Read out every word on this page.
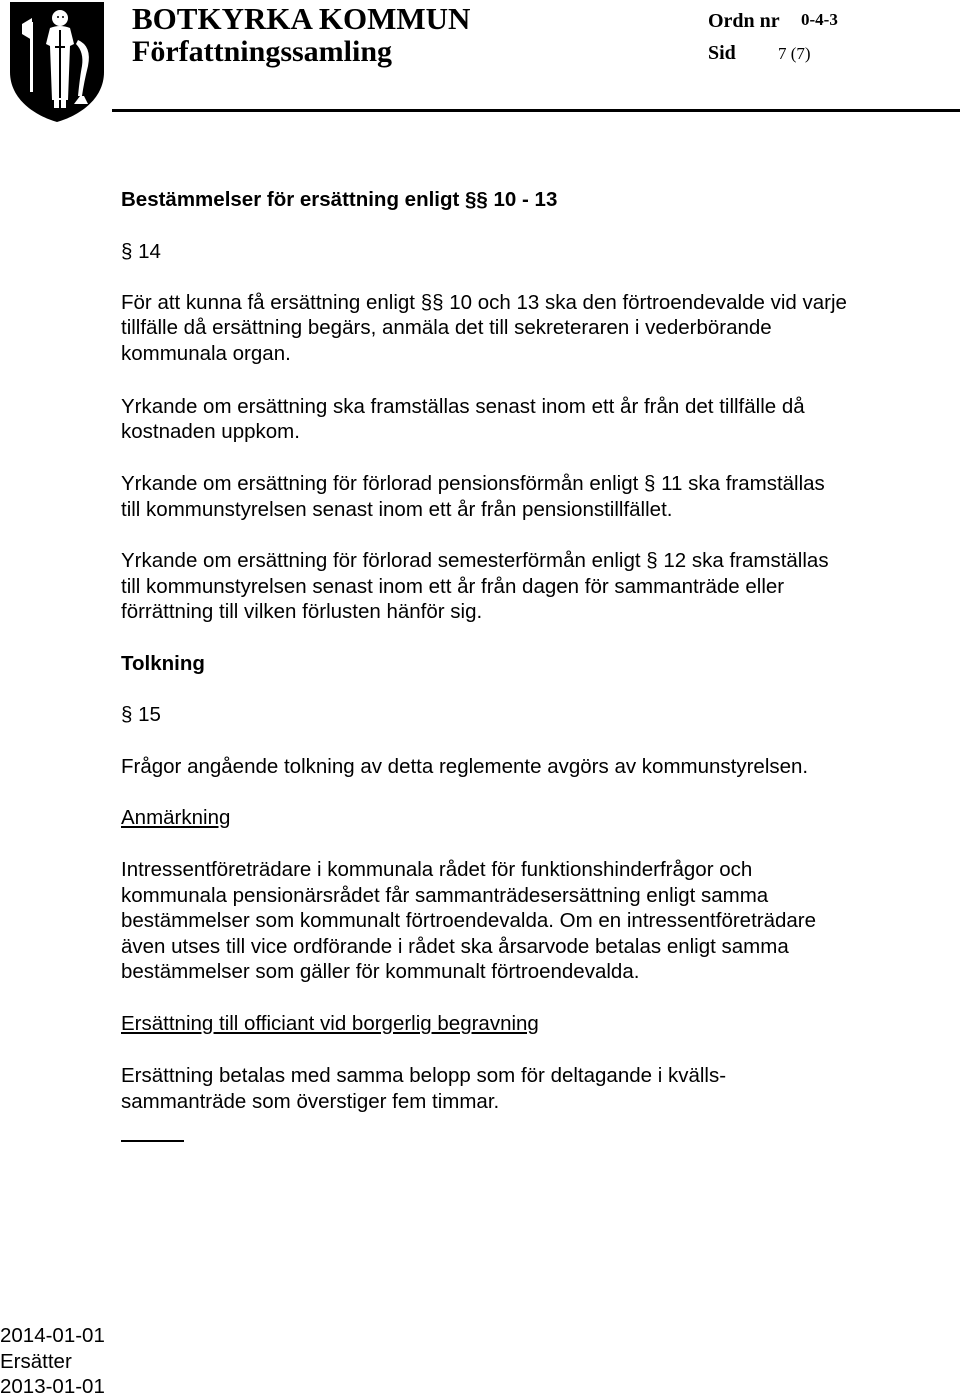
BOTKYRKA KOMMUN
Författningssamling
Ordn nr 0-4-3
Sid 7 (7)
Bestämmelser för ersättning enligt §§ 10 - 13
§ 14
För att kunna få ersättning enligt §§ 10 och 13 ska den förtroendevalde vid varje
tillfälle då ersättning begärs, anmäla det till sekreteraren i vederbörande
kommunala organ.
Yrkande om ersättning ska framställas senast inom ett år från det tillfälle då
kostnaden uppkom.
Yrkande om ersättning för förlorad pensionsförmån enligt § 11 ska framställas
till kommunstyrelsen senast inom ett år från pensionstillfället.
Yrkande om ersättning för förlorad semesterförmån enligt § 12 ska framställas
till kommunstyrelsen senast inom ett år från dagen för sammanträde eller
förrättning till vilken förlusten hänför sig.
Tolkning
§ 15
Frågor angående tolkning av detta reglemente avgörs av kommunstyrelsen.
Anmärkning
Intressentföreträdare i kommunala rådet för funktionshinderfrågor och
kommunala pensionärsrådet får sammanträdesersättning enligt samma
bestämmelser som kommunalt förtroendevalda. Om en intressentföreträdare
även utses till vice ordförande i rådet ska årsarvode betalas enligt samma
bestämmelser som gäller för kommunalt förtroendevalda.
Ersättning till officiant vid borgerlig begravning
Ersättning betalas med samma belopp som för deltagande i kvälls-
sammanträde som överstiger fem timmar.
2014-01-01
Ersätter
2013-01-01
